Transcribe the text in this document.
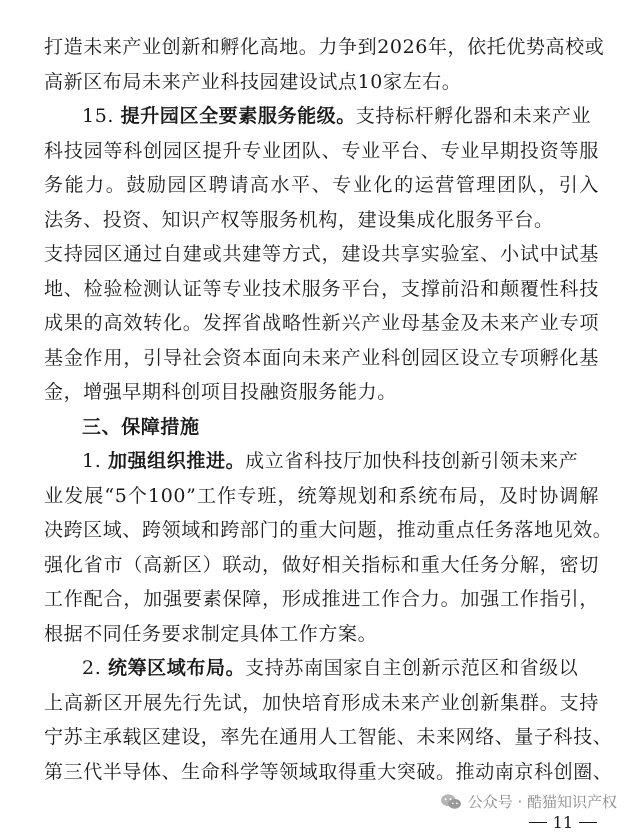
打造未来产业创新和孵化高地。力争到2026年，依托优势高校或
高新区布局未来产业科技园建设试点10家左右。
15. 提升园区全要素服务能级。支持标杆孵化器和未来产业
科技园等科创园区提升专业团队、专业平台、专业早期投资等服
务能力。鼓励园区聘请高水平、专业化的运营管理团队，引入
法务、投资、知识产权等服务机构，建设集成化服务平台。
支持园区通过自建或共建等方式，建设共享实验室、小试中试基
地、检验检测认证等专业技术服务平台，支撑前沿和颠覆性科技
成果的高效转化。发挥省战略性新兴产业母基金及未来产业专项
基金作用，引导社会资本面向未来产业科创园区设立专项孵化基
金，增强早期科创项目投融资服务能力。
三、保障措施
1. 加强组织推进。成立省科技厅加快科技创新引领未来产
业发展“5个100”工作专班，统筹规划和系统布局，及时协调解
决跨区域、跨领域和跨部门的重大问题，推动重点任务落地见效。
强化省市（高新区）联动，做好相关指标和重大任务分解，密切
工作配合，加强要素保障，形成推进工作合力。加强工作指引，
根据不同任务要求制定具体工作方案。
2. 统筹区域布局。支持苏南国家自主创新示范区和省级以
上高新区开展先行先试，加快培育形成未来产业创新集群。支持
宁苏主承载区建设，率先在通用人工智能、未来网络、量子科技、
第三代半导体、生命科学等领域取得重大突破。推动南京科创圈、
公众号 · 酷猫知识产权
11
